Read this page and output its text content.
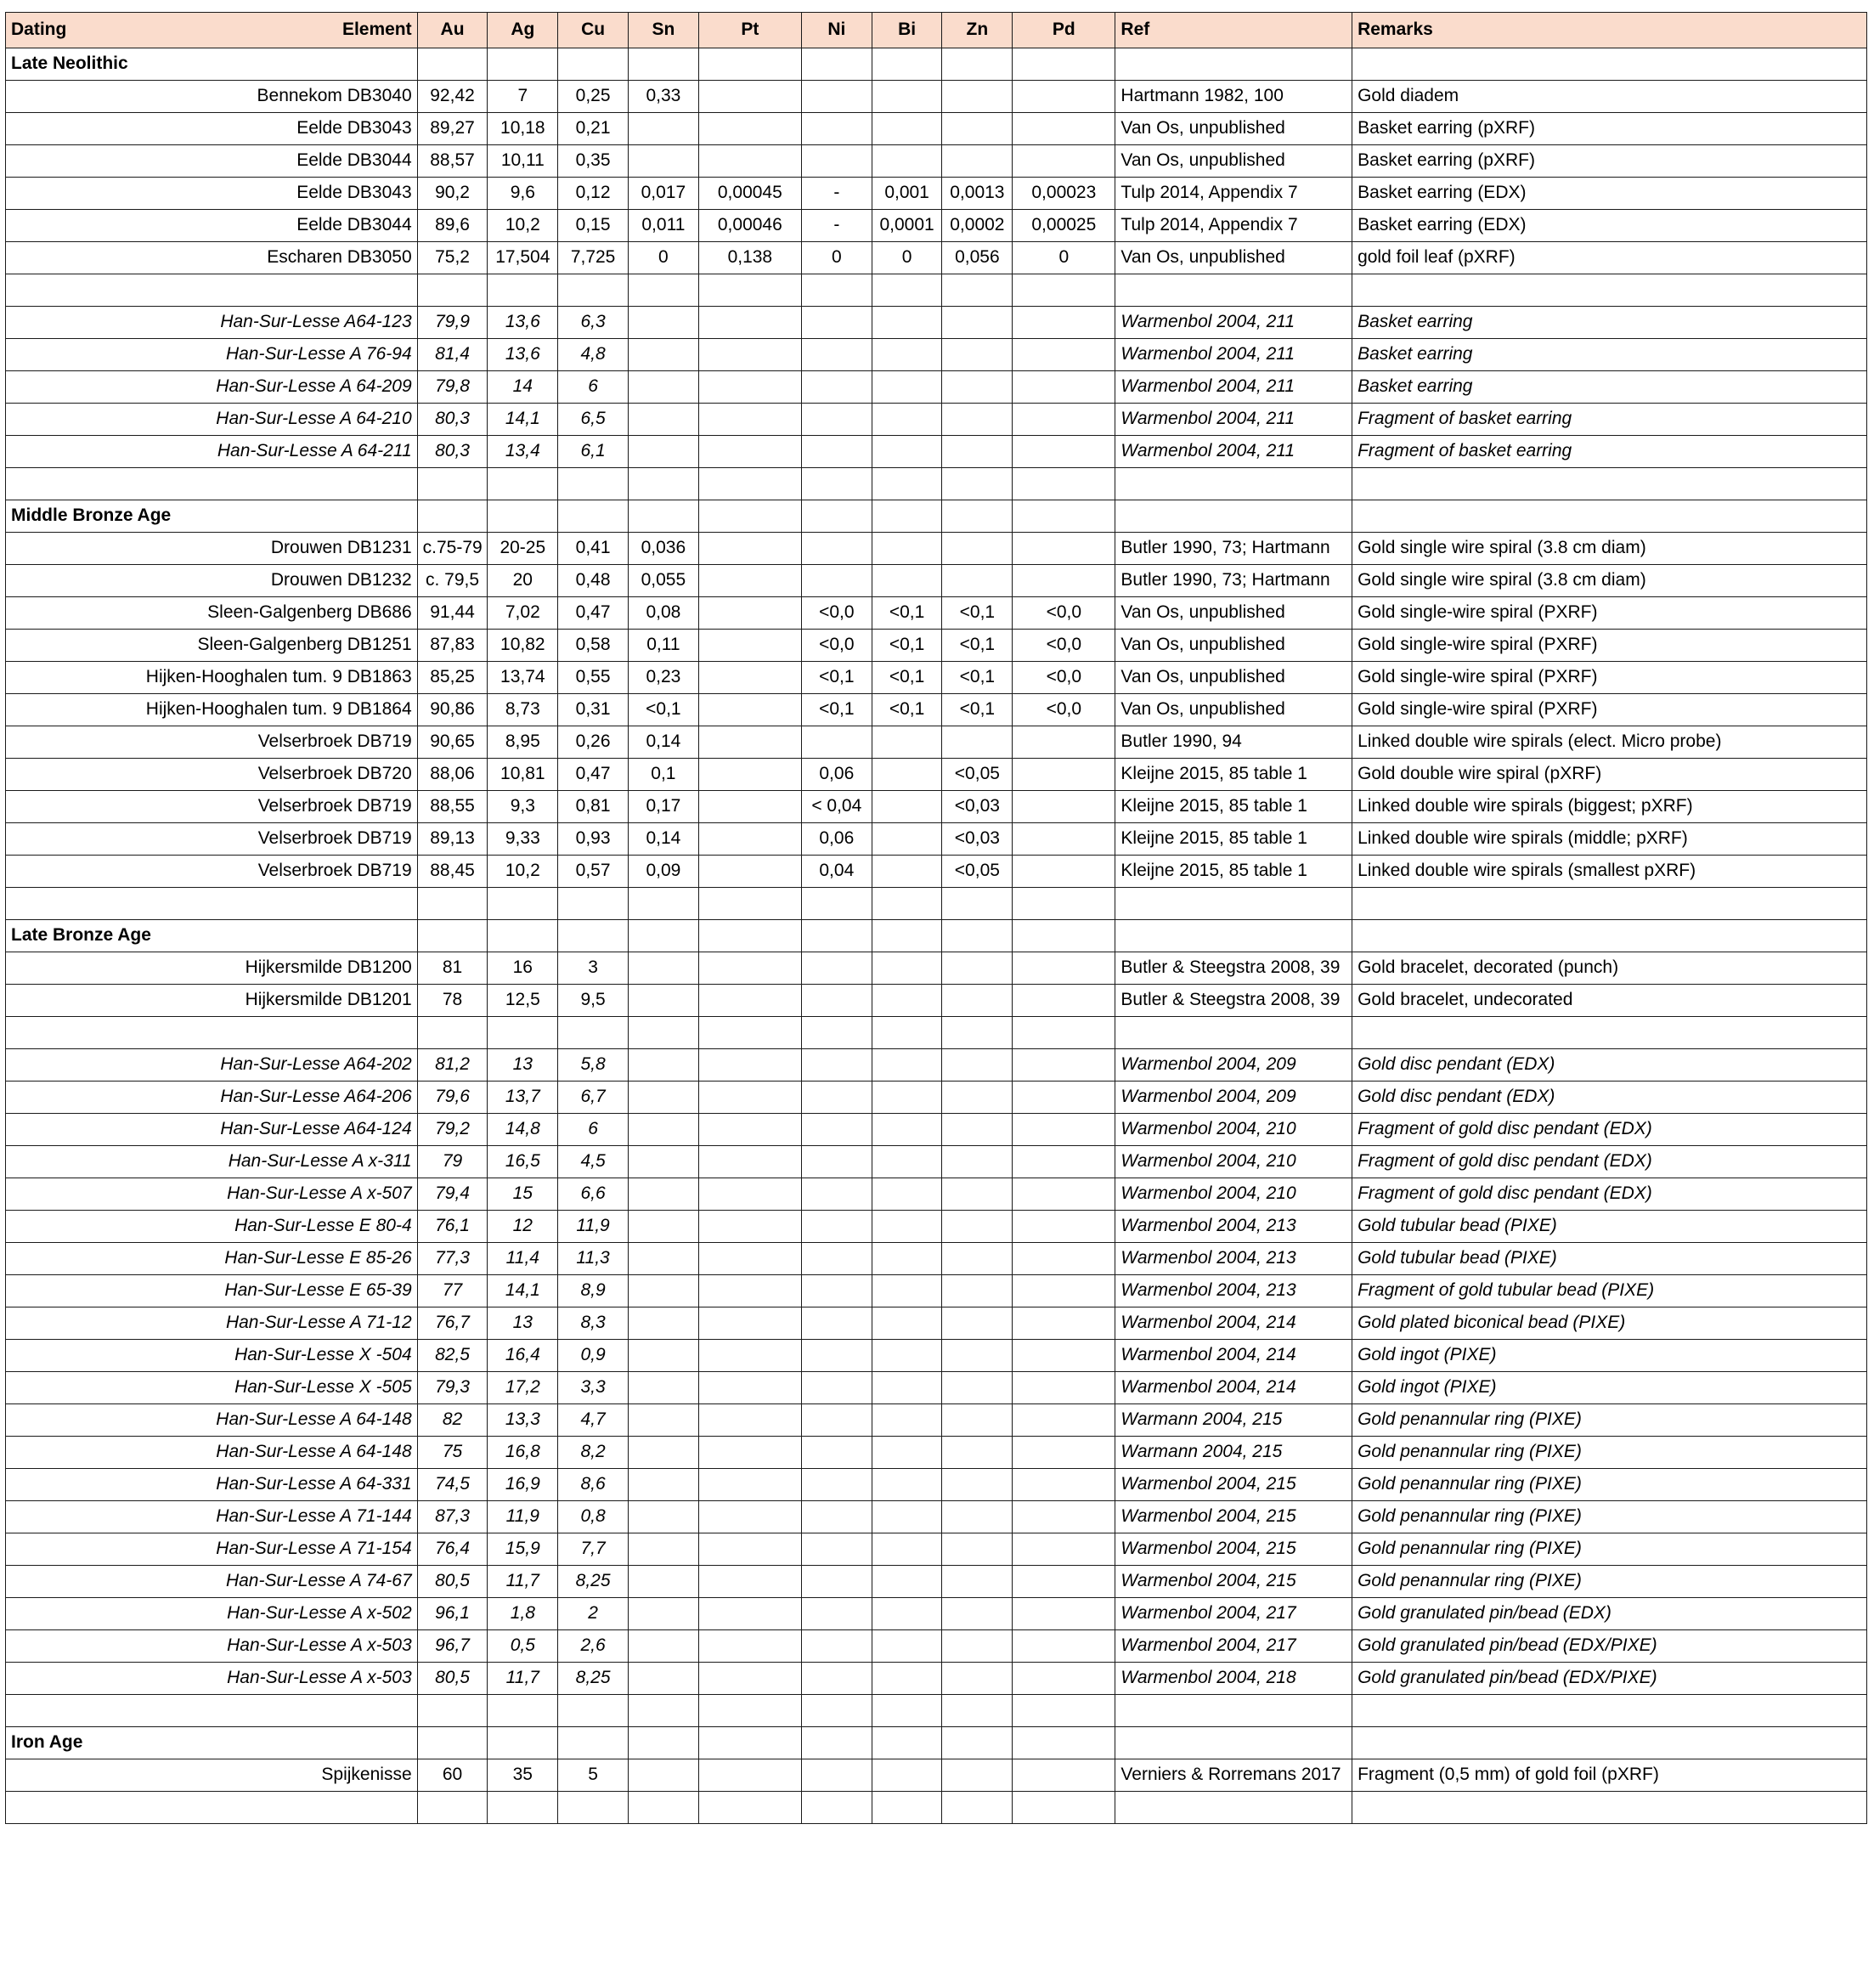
Dating Element	Au	Ag	Cu	Sn	Pt	Ni	Bi	Zn	Pd	Ref	Remarks
Late Neolithic											
Bennekom DB3040	92,42	7	0,25	0,33						Hartmann 1982, 100	Gold diadem
Eelde DB3043	89,27	10,18	0,21							Van Os, unpublished	Basket earring (pXRF)
Eelde DB3044	88,57	10,11	0,35							Van Os, unpublished	Basket earring (pXRF)
Eelde DB3043	90,2	9,6	0,12	0,017	0,00045	-	0,001	0,0013	0,00023	Tulp 2014, Appendix 7	Basket earring (EDX)
Eelde DB3044	89,6	10,2	0,15	0,011	0,00046	-	0,0001	0,0002	0,00025	Tulp 2014, Appendix 7	Basket earring (EDX)
Escharen DB3050	75,2	17,504	7,725	0	0,138	0	0	0,056	0	Van Os, unpublished	gold foil leaf (pXRF)

Han-Sur-Lesse A64-123	79,9	13,6	6,3							Warmenbol 2004, 211	Basket earring
Han-Sur-Lesse A 76-94	81,4	13,6	4,8							Warmenbol 2004, 211	Basket earring
Han-Sur-Lesse A 64-209	79,8	14	6							Warmenbol 2004, 211	Basket earring
Han-Sur-Lesse A 64-210	80,3	14,1	6,5							Warmenbol 2004, 211	Fragment of basket earring
Han-Sur-Lesse A 64-211	80,3	13,4	6,1							Warmenbol 2004, 211	Fragment of basket earring

Middle Bronze Age											
Drouwen DB1231	c.75-79	20-25	0,41	0,036						Butler 1990, 73; Hartmann	Gold single wire spiral (3.8 cm diam)
Drouwen DB1232	c. 79,5	20	0,48	0,055						Butler 1990, 73; Hartmann	Gold single wire spiral (3.8 cm diam)
Sleen-Galgenberg DB686	91,44	7,02	0,47	0,08		<0,0	<0,1	<0,1	<0,0	Van Os, unpublished	Gold single-wire spiral (PXRF)
Sleen-Galgenberg DB1251	87,83	10,82	0,58	0,11		<0,0	<0,1	<0,1	<0,0	Van Os, unpublished	Gold single-wire spiral (PXRF)
Hijken-Hooghalen tum. 9 DB1863	85,25	13,74	0,55	0,23		<0,1	<0,1	<0,1	<0,0	Van Os, unpublished	Gold single-wire spiral (PXRF)
Hijken-Hooghalen tum. 9 DB1864	90,86	8,73	0,31	<0,1		<0,1	<0,1	<0,1	<0,0	Van Os, unpublished	Gold single-wire spiral (PXRF)
Velserbroek DB719	90,65	8,95	0,26	0,14						Butler 1990, 94	Linked double wire spirals (elect. Micro probe)
Velserbroek DB720	88,06	10,81	0,47	0,1		0,06		<0,05		Kleijne 2015, 85 table 1	Gold double wire spiral (pXRF)
Velserbroek DB719	88,55	9,3	0,81	0,17		< 0,04		<0,03		Kleijne 2015, 85 table 1	Linked double wire spirals (biggest; pXRF)
Velserbroek DB719	89,13	9,33	0,93	0,14		0,06		<0,03		Kleijne 2015, 85 table 1	Linked double wire spirals (middle; pXRF)
Velserbroek DB719	88,45	10,2	0,57	0,09		0,04		<0,05		Kleijne 2015, 85 table 1	Linked double wire spirals (smallest pXRF)

Late Bronze Age											
Hijkersmilde DB1200	81	16	3							Butler & Steegstra 2008, 39	Gold bracelet, decorated (punch)
Hijkersmilde DB1201	78	12,5	9,5							Butler & Steegstra 2008, 39	Gold bracelet, undecorated

Han-Sur-Lesse A64-202	81,2	13	5,8							Warmenbol 2004, 209	Gold disc pendant (EDX)
Han-Sur-Lesse A64-206	79,6	13,7	6,7							Warmenbol 2004, 209	Gold disc pendant (EDX)
Han-Sur-Lesse A64-124	79,2	14,8	6							Warmenbol 2004, 210	Fragment of gold disc pendant (EDX)
Han-Sur-Lesse A x-311	79	16,5	4,5							Warmenbol 2004, 210	Fragment of gold disc pendant (EDX)
Han-Sur-Lesse A x-507	79,4	15	6,6							Warmenbol 2004, 210	Fragment of gold disc pendant (EDX)
Han-Sur-Lesse E 80-4	76,1	12	11,9							Warmenbol 2004, 213	Gold tubular bead (PIXE)
Han-Sur-Lesse E 85-26	77,3	11,4	11,3							Warmenbol 2004, 213	Gold tubular bead (PIXE)
Han-Sur-Lesse E 65-39	77	14,1	8,9							Warmenbol 2004, 213	Fragment of gold tubular bead (PIXE)
Han-Sur-Lesse A 71-12	76,7	13	8,3							Warmenbol 2004, 214	Gold plated biconical bead (PIXE)
Han-Sur-Lesse X -504	82,5	16,4	0,9							Warmenbol 2004, 214	Gold ingot (PIXE)
Han-Sur-Lesse X -505	79,3	17,2	3,3							Warmenbol 2004, 214	Gold ingot (PIXE)
Han-Sur-Lesse A 64-148	82	13,3	4,7							Warmann 2004, 215	Gold penannular ring (PIXE)
Han-Sur-Lesse A 64-148	75	16,8	8,2							Warmann 2004, 215	Gold penannular ring (PIXE)
Han-Sur-Lesse A 64-331	74,5	16,9	8,6							Warmenbol 2004, 215	Gold penannular ring (PIXE)
Han-Sur-Lesse A 71-144	87,3	11,9	0,8							Warmenbol 2004, 215	Gold penannular ring (PIXE)
Han-Sur-Lesse A 71-154	76,4	15,9	7,7							Warmenbol 2004, 215	Gold penannular ring (PIXE)
Han-Sur-Lesse A 74-67	80,5	11,7	8,25							Warmenbol 2004, 215	Gold penannular ring (PIXE)
Han-Sur-Lesse A x-502	96,1	1,8	2							Warmenbol 2004, 217	Gold granulated pin/bead (EDX)
Han-Sur-Lesse A x-503	96,7	0,5	2,6							Warmenbol 2004, 217	Gold granulated pin/bead (EDX/PIXE)
Han-Sur-Lesse A x-503	80,5	11,7	8,25							Warmenbol 2004, 218	Gold granulated pin/bead (EDX/PIXE)

Iron Age											
Spijkenisse	60	35	5							Verniers & Rorremans 2017	Fragment (0,5 mm) of gold foil (pXRF)
